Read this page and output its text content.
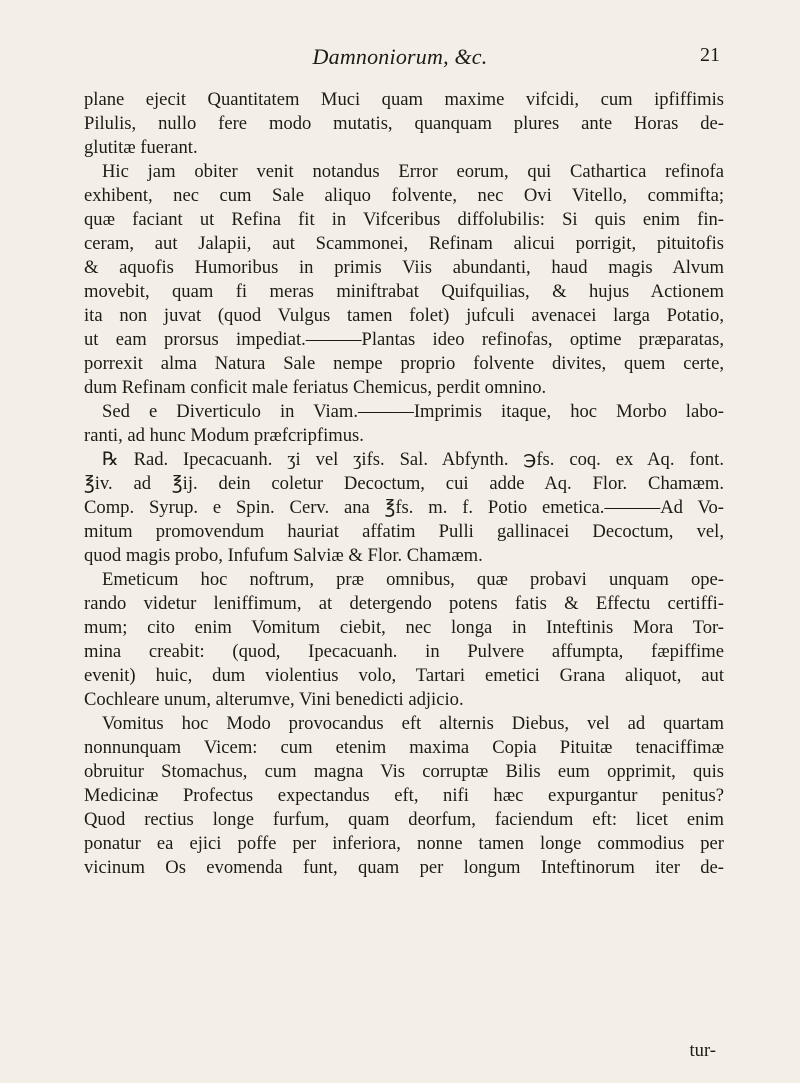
Damnoniorum, &c.	21

plane ejecit Quantitatem Muci quam maxime vifcidi, cum ipfiffimis

Pilulis, nullo fere modo mutatis, quanquam plures ante Horas de-

glutitæ fuerant.

Hic jam obiter venit notandus Error eorum, qui Cathartica refinofa

exhibent, nec cum Sale aliquo folvente, nec Ovi Vitello, commifta;

quæ faciant ut Refina fit in Vifceribus diffolubilis: Si quis enim fin-

ceram, aut Jalapii, aut Scammonei, Refinam alicui porrigit, pituitofis

& aquofis Humoribus in primis Viis abundanti, haud magis Alvum

movebit, quam fi meras miniftrabat Quifquilias, & hujus Actionem

ita non juvat (quod Vulgus tamen folet) jufculi avenacei larga Potatio,

ut eam prorsus impediat.———Plantas ideo refinofas, optime præparatas,

porrexit alma Natura Sale nempe proprio folvente divites, quem certe,

dum Refinam conficit male feriatus Chemicus, perdit omnino.

Sed e Diverticulo in Viam.———Imprimis itaque, hoc Morbo labo-

ranti, ad hunc Modum præfcripfimus.

℞ Rad. Ipecacuanh. ʒi vel ʒifs. Sal. Abfynth. ℈fs. coq. ex Aq. font.

℥iv. ad ℥ij. dein coletur Decoctum, cui adde Aq. Flor. Chamæm.

Comp. Syrup. e Spin. Cerv. ana ℥fs. m. f. Potio emetica.———Ad Vo-

mitum promovendum hauriat affatim Pulli gallinacei Decoctum, vel,

quod magis probo, Infufum Salviæ & Flor. Chamæm.

Emeticum hoc noftrum, præ omnibus, quæ probavi unquam ope-

rando videtur leniffimum, at detergendo potens fatis & Effectu certiffi-

mum; cito enim Vomitum ciebit, nec longa in Inteftinis Mora Tor-

mina creabit: (quod, Ipecacuanh. in Pulvere affumpta, fæpiffime

evenit) huic, dum violentius volo, Tartari emetici Grana aliquot, aut

Cochleare unum, alterumve, Vini benedicti adjicio.

Vomitus hoc Modo provocandus eft alternis Diebus, vel ad quartam

nonnunquam Vicem: cum etenim maxima Copia Pituitæ tenaciffimæ

obruitur Stomachus, cum magna Vis corruptæ Bilis eum opprimit, quis

Medicinæ Profectus expectandus eft, nifi hæc expurgantur penitus?

Quod rectius longe furfum, quam deorfum, faciendum eft: licet enim

ponatur ea ejici poffe per inferiora, nonne tamen longe commodius per

vicinum Os evomenda funt, quam per longum Inteftinorum iter de-

tur-
